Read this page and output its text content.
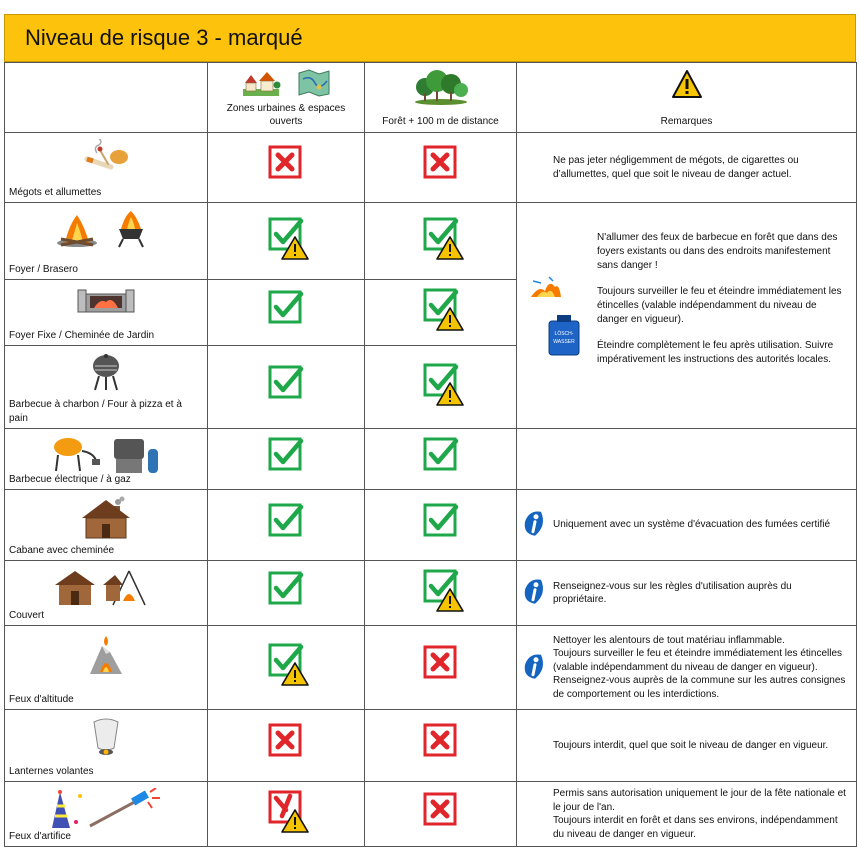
Niveau de risque 3 - marqué

	Zones urbaines & espaces ouverts	Forêt + 100 m de distance	Remarques

Mégots et allumettes			Ne pas jeter négligemment de mégots, de cigarettes ou d’allumettes, quel que soit le niveau de danger actuel.

Foyer / Brasero			LÖSCH-
WASSER

N'allumer des feux de barbecue en forêt que dans des foyers existants ou dans des endroits manifestement sans danger !

Toujours surveiller le feu et éteindre immédiatement les étincelles (valable indépendamment du niveau de danger en vigueur).

Éteindre complètement le feu après utilisation. Suivre impérativement les instructions des autorités locales.

Foyer Fixe / Cheminée de Jardin

Barbecue à charbon / Four à pizza et à pain

Barbecue électrique / à gaz

Cabane avec cheminée			Uniquement avec un système d'évacuation des fumées certifié

Couvert			Renseignez-vous sur les règles d'utilisation auprès du propriétaire.

Feux d'altitude			Nettoyer les alentours de tout matériau inflammable.
Toujours surveiller le feu et éteindre immédiatement les étincelles (valable indépendamment du niveau de danger en vigueur). Renseignez-vous auprès de la commune sur les autres consignes de comportement ou les interdictions.

Lanternes volantes			Toujours interdit, quel que soit le niveau de danger en vigueur.

Feux d'artifice			Permis sans autorisation uniquement le jour de la fête nationale et le jour de l'an.
Toujours interdit en forêt et dans ses environs, indépendamment du niveau de danger en vigueur.
